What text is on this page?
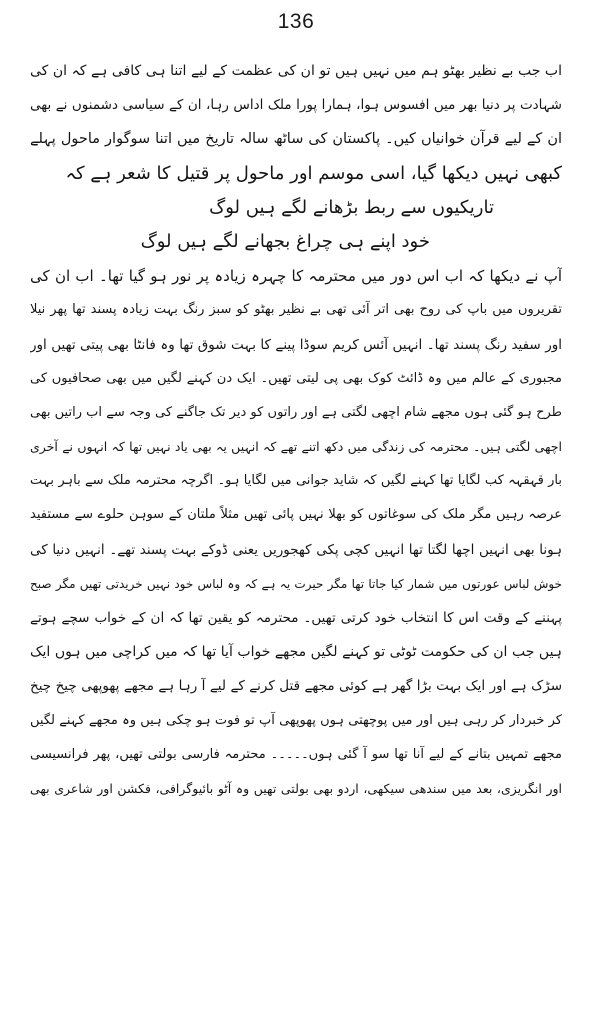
136
اب جب بے نظیر بھٹو ہم میں نہیں ہیں تو ان کی عظمت کے لیے اتنا ہی کافی ہے کہ ان کی
شہادت پر دنیا بھر میں افسوس ہوا، ہمارا پورا ملک اداس رہا، ان کے سیاسی دشمنوں نے بھی
ان کے لیے قرآن خوانیاں کیں۔ پاکستان کی ساٹھ سالہ تاریخ میں اتنا سوگوار ماحول پہلے
کبھی نہیں دیکھا گیا، اسی موسم اور ماحول پر قتیل کا شعر ہے کہ
تاریکیوں سے ربط بڑھانے لگے ہیں لوگ
خود اپنے ہی چراغ بجھانے لگے ہیں لوگ
آپ نے دیکھا کہ اب اس دور میں محترمہ کا چہرہ زیادہ پر نور ہو گیا تھا۔ اب ان کی
تقریروں میں باپ کی روح بھی اتر آئی تھی بے نظیر بھٹو کو سبز رنگ بہت زیادہ پسند تھا پھر نیلا
اور سفید رنگ پسند تھا۔ انہیں آئس کریم سوڈا پینے کا بہت شوق تھا وہ فانٹا بھی پیتی تھیں اور
مجبوری کے عالم میں وہ ڈائٹ کوک بھی پی لیتی تھیں۔ ایک دن کہنے لگیں میں بھی صحافیوں کی
طرح ہو گئی ہوں مجھے شام اچھی لگتی ہے اور راتوں کو دیر تک جاگنے کی وجہ سے اب راتیں بھی
اچھی لگتی ہیں۔ محترمہ کی زندگی میں دکھ اتنے تھے کہ انہیں یہ بھی یاد نہیں تھا کہ انہوں نے آخری
بار قہقہہ کب لگایا تھا کہنے لگیں کہ شاید جوانی میں لگایا ہو۔ اگرچہ محترمہ ملک سے باہر بہت
عرصہ رہیں مگر ملک کی سوغاتوں کو بھلا نہیں پائی تھیں مثلاً ملتان کے سوہن حلوے سے مستفید
ہونا بھی انہیں اچھا لگتا تھا انہیں کچی پکی کھجوریں یعنی ڈوکے بہت پسند تھے۔ انہیں دنیا کی
خوش لباس عورتوں میں شمار کیا جاتا تھا مگر حیرت یہ ہے کہ وہ لباس خود نہیں خریدتی تھیں مگر صبح
پہننے کے وقت اس کا انتخاب خود کرتی تھیں۔ محترمہ کو یقین تھا کہ ان کے خواب سچے ہوتے
ہیں جب ان کی حکومت ٹوٹی تو کہنے لگیں مجھے خواب آیا تھا کہ میں کراچی میں ہوں ایک
سڑک ہے اور ایک بہت بڑا گھر ہے کوئی مجھے قتل کرنے کے لیے آ رہا ہے مجھے پھوپھی چیخ چیخ
کر خبردار کر رہی ہیں اور میں پوچھتی ہوں پھوپھی آپ تو فوت ہو چکی ہیں وہ مجھے کہنے لگیں
مجھے تمہیں بتانے کے لیے آنا تھا سو آ گئی ہوں۔۔۔۔۔ محترمہ فارسی بولتی تھیں، پھر فرانسیسی
اور انگریزی، بعد میں سندھی سیکھی، اردو بھی بولتی تھیں وہ آٹو بائیوگرافی، فکشن اور شاعری بھی
